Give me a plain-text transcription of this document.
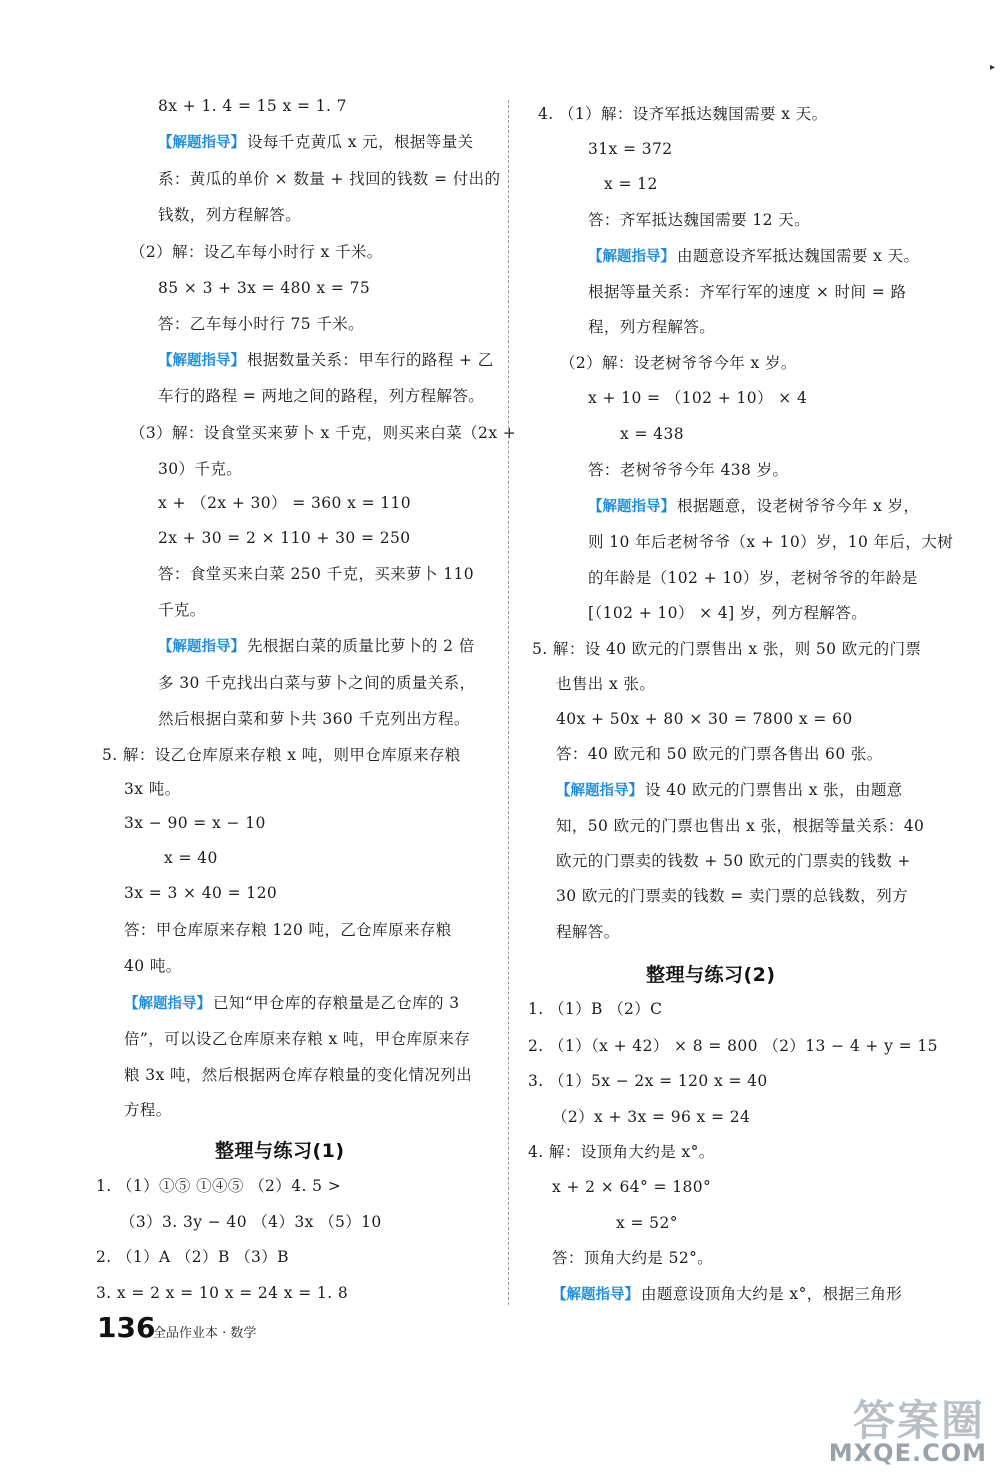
▸
8x + 1. 4 = 15 x = 1. 7
【解题指导】 设每千克黄瓜 x 元，根据等量关
系：黄瓜的单价 × 数量 + 找回的钱数 = 付出的
钱数，列方程解答。
（2）解：设乙车每小时行 x 千米。
85 × 3 + 3x = 480 x = 75
答：乙车每小时行 75 千米。
【解题指导】 根据数量关系：甲车行的路程 + 乙
车行的路程 = 两地之间的路程，列方程解答。
（3）解：设食堂买来萝卜 x 千克，则买来白菜（2x +
30）千克。
x + （2x + 30） = 360 x = 110
2x + 30 = 2 × 110 + 30 = 250
答：食堂买来白菜 250 千克，买来萝卜 110
千克。
【解题指导】 先根据白菜的质量比萝卜的 2 倍
多 30 千克找出白菜与萝卜之间的质量关系，
然后根据白菜和萝卜共 360 千克列出方程。
5. 解：设乙仓库原来存粮 x 吨，则甲仓库原来存粮
3x 吨。
3x − 90 = x − 10
x = 40
3x = 3 × 40 = 120
答：甲仓库原来存粮 120 吨，乙仓库原来存粮
40 吨。
【解题指导】 已知“甲仓库的存粮量是乙仓库的 3
倍”，可以设乙仓库原来存粮 x 吨，甲仓库原来存
粮 3x 吨，然后根据两仓库存粮量的变化情况列出
方程。
1. （1）①⑤ ①④⑤ （2）4. 5 >
（3）3. 3y − 40 （4）3x （5）10
2. （1）A （2）B （3）B
3. x = 2 x = 10 x = 24 x = 1. 8
4. （1）解：设齐军抵达魏国需要 x 天。
31x = 372
x = 12
答：齐军抵达魏国需要 12 天。
【解题指导】 由题意设齐军抵达魏国需要 x 天。
根据等量关系：齐军行军的速度 × 时间 = 路
程，列方程解答。
（2）解：设老树爷爷今年 x 岁。
x + 10 = （102 + 10） × 4
x = 438
答：老树爷爷今年 438 岁。
【解题指导】 根据题意，设老树爷爷今年 x 岁，
则 10 年后老树爷爷（x + 10）岁，10 年后，大树
的年龄是（102 + 10）岁，老树爷爷的年龄是
[（102 + 10） × 4] 岁，列方程解答。
5. 解：设 40 欧元的门票售出 x 张，则 50 欧元的门票
也售出 x 张。
40x + 50x + 80 × 30 = 7800 x = 60
答：40 欧元和 50 欧元的门票各售出 60 张。
【解题指导】 设 40 欧元的门票售出 x 张，由题意
知，50 欧元的门票也售出 x 张，根据等量关系：40
欧元的门票卖的钱数 + 50 欧元的门票卖的钱数 +
30 欧元的门票卖的钱数 = 卖门票的总钱数，列方
程解答。
1. （1）B （2）C
2. （1）（x + 42） × 8 = 800 （2）13 − 4 + y = 15
3. （1）5x − 2x = 120 x = 40
（2）x + 3x = 96 x = 24
4. 解：设顶角大约是 x°。
x + 2 × 64° = 180°
x = 52°
答：顶角大约是 52°。
【解题指导】 由题意设顶角大约是 x°，根据三角形
整理与练习(1)
整理与练习(2)
136
全品作业本 · 数学
答案圈
MXQE.COM
